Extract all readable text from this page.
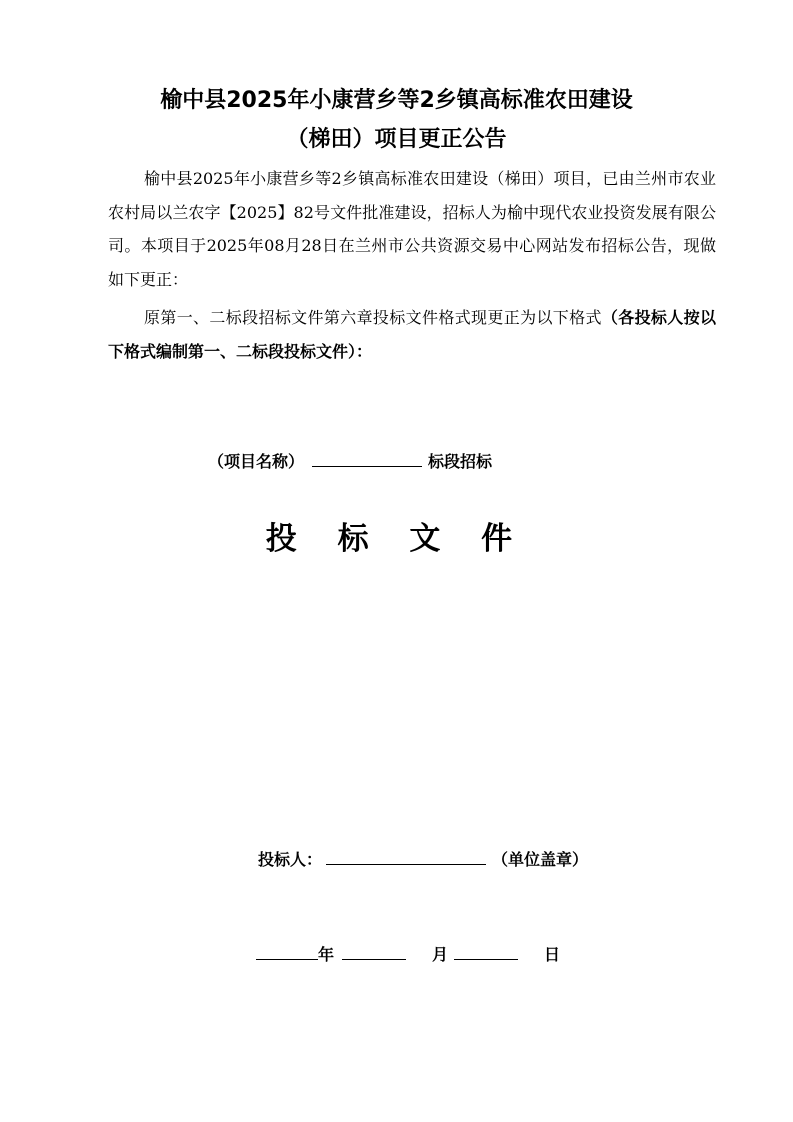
榆中县2025年小康营乡等2乡镇高标准农田建设
（梯田）项目更正公告

榆中县2025年小康营乡等2乡镇高标准农田建设（梯田）项目，已由兰州市农业农村局以兰农字【2025】82号文件批准建设，招标人为榆中现代农业投资发展有限公司。本项目于2025年08月28日在兰州市公共资源交易中心网站发布招标公告，现做如下更正：

原第一、二标段招标文件第六章投标文件格式现更正为以下格式（各投标人按以下格式编制第一、二标段投标文件）：

（项目名称）	标段招标
投 标 文 件
投标人：	（单位盖章）
年	月	日
